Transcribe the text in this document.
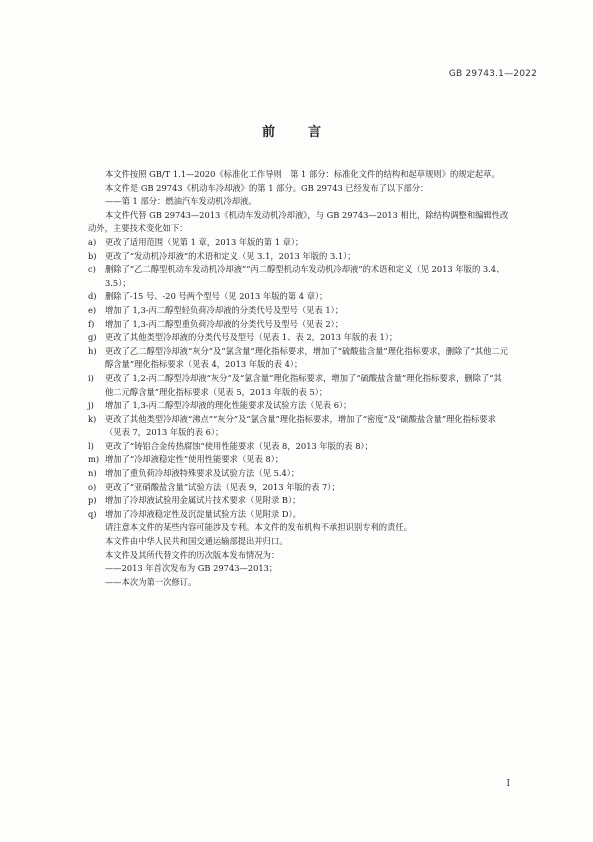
GB 29743.1—2022
前　言

本文件按照 GB/T 1.1—2020《标准化工作导则　第 1 部分：标准化文件的结构和起草规则》的规定起草。

本文件是 GB 29743《机动车冷却液》的第 1 部分。GB 29743 已经发布了以下部分：

——第 1 部分：燃油汽车发动机冷却液。

本文件代替 GB 29743—2013《机动车发动机冷却液》，与 GB 29743—2013 相比，除结构调整和编辑性改动外，主要技术变化如下：

a)	更改了适用范围（见第 1 章，2013 年版的第 1 章）；
b)	更改了“发动机冷却液”的术语和定义（见 3.1，2013 年版的 3.1）；
c)	删除了“乙二醇型机动车发动机冷却液”“丙二醇型机动车发动机冷却液”的术语和定义（见 2013 年版的 3.4、3.5）；
d)	删除了-15 号、-20 号两个型号（见 2013 年版的第 4 章）；
e)	增加了 1,3-丙二醇型轻负荷冷却液的分类代号及型号（见表 1）；
f)	增加了 1,3-丙二醇型重负荷冷却液的分类代号及型号（见表 2）；
g)	更改了其他类型冷却液的分类代号及型号（见表 1、表 2，2013 年版的表 1）；
h)	更改了乙二醇型冷却液“灰分”及“氯含量”理化指标要求，增加了“硫酸盐含量”理化指标要求，删除了“其他二元醇含量”理化指标要求（见表 4，2013 年版的表 4）；
i)	更改了 1,2-丙二醇型冷却液“灰分”及“氯含量”理化指标要求，增加了“硫酸盐含量”理化指标要求，删除了“其他二元醇含量”理化指标要求（见表 5，2013 年版的表 5）；
j)	增加了 1,3-丙二醇型冷却液的理化性能要求及试验方法（见表 6）；
k)	更改了其他类型冷却液“沸点”“灰分”及“氯含量”理化指标要求，增加了“密度”及“硫酸盐含量”理化指标要求（见表 7，2013 年版的表 6）；
l)	更改了“铸铝合金传热腐蚀”使用性能要求（见表 8，2013 年版的表 8）；
m) 增加了“冷却液稳定性”使用性能要求（见表 8）；
n)	增加了重负荷冷却液特殊要求及试验方法（见 5.4）；
o)	更改了“亚硝酸盐含量”试验方法（见表 9，2013 年版的表 7）；
p)	增加了冷却液试验用金属试片技术要求（见附录 B）；
q)	增加了冷却液稳定性及沉淀量试验方法（见附录 D）。

请注意本文件的某些内容可能涉及专利。本文件的发布机构不承担识别专利的责任。

本文件由中华人民共和国交通运输部提出并归口。

本文件及其所代替文件的历次版本发布情况为：

——2013 年首次发布为 GB 29743—2013；

——本次为第一次修订。

I
